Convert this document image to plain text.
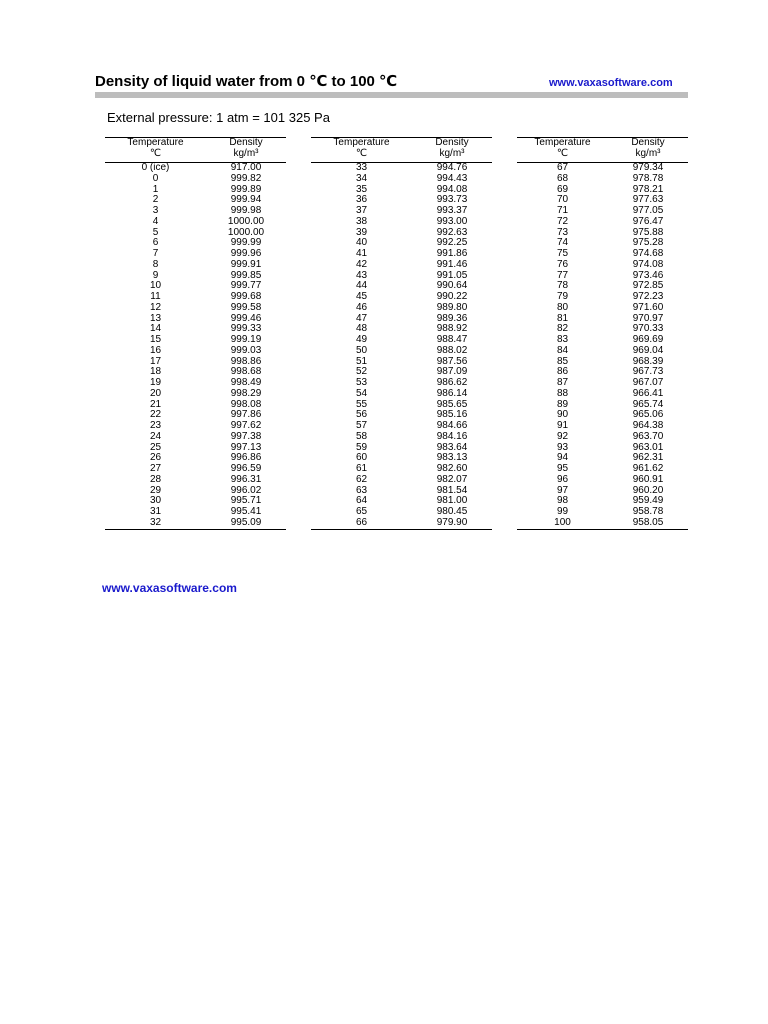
Density of liquid water from 0 ℃ to 100 ℃	www.vaxasoftware.com
External pressure: 1 atm = 101 325 Pa
Temperature
℃	Density
kg/m³

0 (ice)	917.00
0	999.82
1	999.89
2	999.94
3	999.98
4	1000.00
5	1000.00
6	999.99
7	999.96
8	999.91
9	999.85
10	999.77
11	999.68
12	999.58
13	999.46
14	999.33
15	999.19
16	999.03
17	998.86
18	998.68
19	998.49
20	998.29
21	998.08
22	997.86
23	997.62
24	997.38
25	997.13
26	996.86
27	996.59
28	996.31
29	996.02
30	995.71
31	995.41
32	995.09
Temperature
℃	Density
kg/m³

33	994.76
34	994.43
35	994.08
36	993.73
37	993.37
38	993.00
39	992.63
40	992.25
41	991.86
42	991.46
43	991.05
44	990.64
45	990.22
46	989.80
47	989.36
48	988.92
49	988.47
50	988.02
51	987.56
52	987.09
53	986.62
54	986.14
55	985.65
56	985.16
57	984.66
58	984.16
59	983.64
60	983.13
61	982.60
62	982.07
63	981.54
64	981.00
65	980.45
66	979.90
Temperature
℃	Density
kg/m³

67	979.34
68	978.78
69	978.21
70	977.63
71	977.05
72	976.47
73	975.88
74	975.28
75	974.68
76	974.08
77	973.46
78	972.85
79	972.23
80	971.60
81	970.97
82	970.33
83	969.69
84	969.04
85	968.39
86	967.73
87	967.07
88	966.41
89	965.74
90	965.06
91	964.38
92	963.70
93	963.01
94	962.31
95	961.62
96	960.91
97	960.20
98	959.49
99	958.78
100	958.05
www.vaxasoftware.com
